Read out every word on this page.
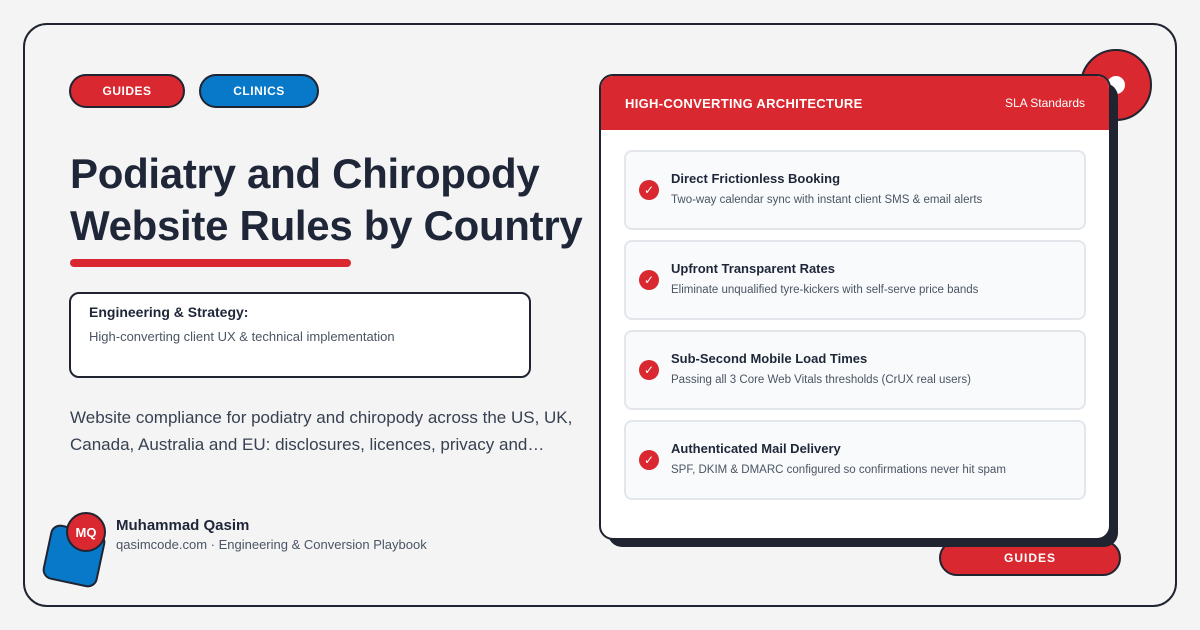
GUIDES	CLINICS
Podiatry and Chiropody
Website Rules by Country
Engineering & Strategy:
High-converting client UX & technical implementation

Website compliance for podiatry and chiropody across the US, UK,
Canada, Australia and EU: disclosures, licences, privacy and…

MQ	Muhammad Qasim
qasimcode.com · Engineering & Conversion Playbook
GUIDES
HIGH-CONVERTING ARCHITECTURE	SLA Standards
✓
Direct Frictionless Booking
Two-way calendar sync with instant client SMS & email alerts
✓
Upfront Transparent Rates
Eliminate unqualified tyre-kickers with self-serve price bands
✓
Sub-Second Mobile Load Times
Passing all 3 Core Web Vitals thresholds (CrUX real users)
✓
Authenticated Mail Delivery
SPF, DKIM & DMARC configured so confirmations never hit spam
